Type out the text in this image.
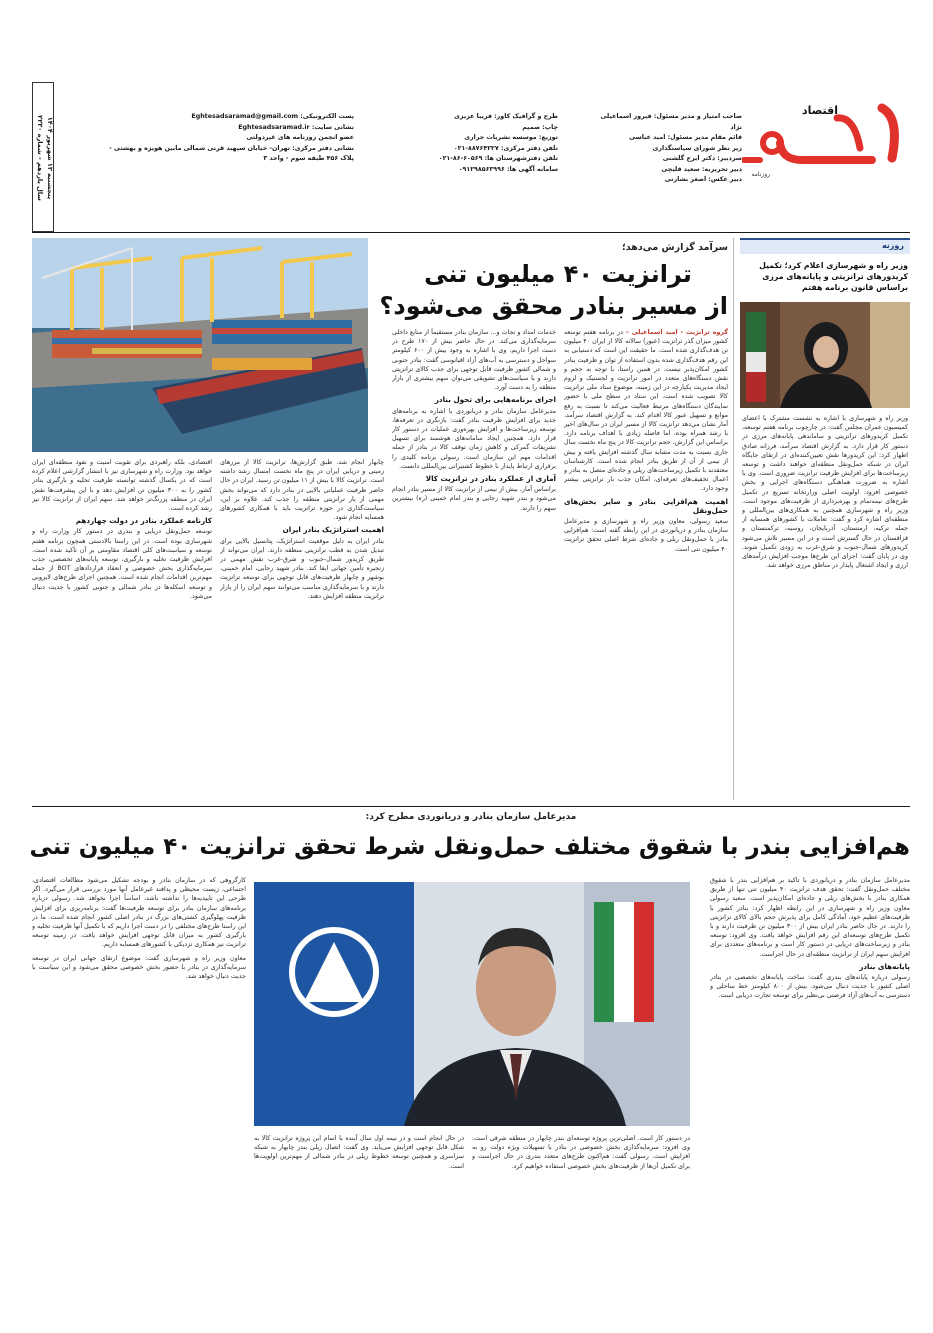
اقتصاد
روزنامه
صاحب امتیاز و مدیر مسئول: فیروز اسماعیلی نژاد
قائم مقام مدیر مسئول: امید عباسی
زیر نظر شورای سیاستگذاری
سردبیر: دکتر ایرج گلشنی
دبیر تحریریه: سعید قلیچی
دبیر عکس: اصغر بشارتی
طرح و گرافیک کاور: فریبا عزیزی
چاپ: صمیم
توزیع: موسسه نشریات جراری
تلفن دفتر مرکزی: ۸۸۷۶۴۲۲۷-۰۲۱
تلفن دفترشهرستان ها: ۶۰۵۶۹-۸۶-۰۲۱
سامانه آگهی ها: ۰۹۱۲۹۸۵۶۳۹۹۶
پست الکترونیکی: Eghtesadsaramad@gmail.com
نشانی سایت: Eghtesadsaramad.ir
عضو انجمن روزنامه های غیردولتی
نشانی دفتر مرکزی: تهران- خیابان سپهبد قرنی شمالی مابین هویزه و بهشتی -
پلاک ۴۵۶ طبقه سوم - واحد ۳
پنجشنبه ۱۳ شهریور ۱۴۰۴
سال یازدهم - شماره ۲۲۳۰
روزنه
وزیر راه و شهرسازی اعلام کرد؛ تکمیل کریدورهای ترانزیتی و پایانه‌های مرزی براساس قانون برنامه هفتم
وزیر راه و شهرسازی با اشاره به نشست مشترک با اعضای کمیسیون عمران مجلس گفت: در چارچوب برنامه هفتم توسعه، تکمیل کریدورهای ترانزیتی و ساماندهی پایانه‌های مرزی در دستور کار قرار دارد. به گزارش اقتصاد سرآمد، فرزانه صادق اظهار کرد: این کریدورها نقش تعیین‌کننده‌ای در ارتقای جایگاه ایران در شبکه حمل‌ونقل منطقه‌ای خواهند داشت و توسعه زیرساخت‌ها برای افزایش ظرفیت ترانزیت ضروری است. وی با اشاره به ضرورت هماهنگی دستگاه‌های اجرایی و بخش خصوصی افزود: اولویت اصلی وزارتخانه تسریع در تکمیل طرح‌های نیمه‌تمام و بهره‌برداری از ظرفیت‌های موجود است. وزیر راه و شهرسازی همچنین به همکاری‌های بین‌المللی و منطقه‌ای اشاره کرد و گفت: تعاملات با کشورهای همسایه از جمله ترکیه، ارمنستان، آذربایجان، روسیه، ترکمنستان و قزاقستان در حال گسترش است و در این مسیر تلاش می‌شود کریدورهای شمال-جنوب و شرق-غرب به زودی تکمیل شوند. وی در پایان گفت: اجرای این طرح‌ها موجب افزایش درآمدهای ارزی و ایجاد اشتغال پایدار در مناطق مرزی خواهد شد.
سرآمد گزارش می‌دهد؛
ترانزیت ۴۰ میلیون تنی
از مسیر بنادر محقق می‌شود؟
گروه ترانزیت - امید اسماعیلی – در برنامه هفتم توسعه کشور میزان گذر ترانزیت (عبور) سالانه کالا از ایران ۴۰ میلیون تن هدف‌گذاری شده است. ما حقیقت این است که دستیابی به این رقم هدف‌گذاری شده بدون استفاده از توان و ظرفیت بنادر کشور امکان‌پذیر نیست. در همین راستا، با توجه به حجم و نقش دستگاه‌های متعدد در امور ترانزیت و لجستیک و لزوم ایجاد مدیریت یکپارچه در این زمینه، موضوع ستاد ملی ترانزیت کالا تصویب شده است. این ستاد در سطح ملی با حضور نمایندگان دستگاه‌های مرتبط فعالیت می‌کند تا نسبت به رفع موانع و تسهیل عبور کالا اقدام کند. به گزارش اقتصاد سرآمد، آمار نشان می‌دهد ترانزیت کالا از مسیر ایران در سال‌های اخیر با رشد همراه بوده، اما فاصله زیادی با اهداف برنامه دارد. براساس این گزارش، حجم ترانزیت کالا در پنج ماه نخست سال جاری نسبت به مدت مشابه سال گذشته افزایش یافته و بیش از نیمی از آن از طریق بنادر انجام شده است. کارشناسان معتقدند با تکمیل زیرساخت‌های ریلی و جاده‌ای متصل به بنادر و اعمال تخفیف‌های تعرفه‌ای، امکان جذب بار ترانزیتی بیشتر وجود دارد.
اهمیت هم‌افزایی بنادر و سایر بخش‌های حمل‌ونقل
سعید رسولی، معاون وزیر راه و شهرسازی و مدیرعامل سازمان بنادر و دریانوردی در این رابطه گفته است: هم‌افزایی بنادر با حمل‌ونقل ریلی و جاده‌ای شرط اصلی تحقق ترانزیت ۴۰ میلیون تنی است.
خدمات امداد و نجات و... سازمان بنادر مستقیماً از منابع داخلی سرمایه‌گذاری می‌کند. در حال حاضر بیش از ۱۷۰ طرح در دست اجرا داریم. وی با اشاره به وجود بیش از ۶۰۰ کیلومتر سواحل و دسترسی به آب‌های آزاد اقیانوسی گفت: بنادر جنوبی و شمالی کشور ظرفیت قابل توجهی برای جذب کالای ترانزیتی دارند و با سیاست‌های تشویقی می‌توان سهم بیشتری از بازار منطقه را به دست آورد.
اجرای برنامه‌هایی برای تحول بنادر
مدیرعامل سازمان بنادر و دریانوردی با اشاره به برنامه‌های جدید برای افزایش ظرفیت بنادر گفت: بازنگری در تعرفه‌ها، توسعه زیرساخت‌ها و افزایش بهره‌وری عملیات در دستور کار قرار دارد. همچنین ایجاد سامانه‌های هوشمند برای تسهیل تشریفات گمرکی و کاهش زمان توقف کالا در بنادر از جمله اقدامات مهم این سازمان است. رسولی برنامه کلیدی را برقراری ارتباط پایدار با خطوط کشتیرانی بین‌المللی دانست.
آماری از عملکرد بنادر در ترانزیت کالا
براساس آمار، بیش از نیمی از ترانزیت کالا از مسیر بنادر انجام می‌شود و بندر شهید رجایی و بندر امام خمینی (ره) بیشترین سهم را دارند.
چابهار انجام شد. طبق گزارش‌ها، ترانزیت کالا از مرزهای زمینی و دریایی ایران در پنج ماه نخست امسال رشد داشته است. ترانزیت کالا با بیش از ۱۱ میلیون تن رسید. ایران در حال حاضر ظرفیت عملیاتی بالایی در بنادر دارد که می‌تواند بخش مهمی از بار ترانزیتی منطقه را جذب کند. علاوه بر این، سیاست‌گذاری در حوزه ترانزیت باید با همکاری کشورهای همسایه انجام شود.
اهمیت استراتژیک بنادر ایران
بنادر ایران به دلیل موقعیت استراتژیک، پتانسیل بالایی برای تبدیل شدن به قطب ترانزیتی منطقه دارند. ایران می‌تواند از طریق کریدور شمال-جنوب و شرق-غرب نقش مهمی در زنجیره تأمین جهانی ایفا کند. بنادر شهید رجایی، امام خمینی، بوشهر و چابهار ظرفیت‌های قابل توجهی برای توسعه ترانزیت دارند و با سرمایه‌گذاری مناسب می‌توانند سهم ایران را از بازار ترانزیت منطقه افزایش دهند.
اقتصادی، بلکه راهبردی برای تقویت امنیت و نفوذ منطقه‌ای ایران خواهد بود. وزارت راه و شهرسازی نیز با انتشار گزارشی اعلام کرده است که در یکسال گذشته توانسته ظرفیت تخلیه و بارگیری بنادر کشور را به ۳۰۰ میلیون تن افزایش دهد و با این پیشرفت‌ها نقش ایران در منطقه پررنگ‌تر خواهد شد. سهم ایران از ترانزیت کالا نیز رشد کرده است.
کارنامه عملکرد بنادر در دولت چهاردهم
توسعه حمل‌ونقل دریایی و بندری در دستور کار وزارت راه و شهرسازی بوده است. در این راستا بالادستی همچون برنامه هفتم توسعه و سیاست‌های کلی اقتصاد مقاومتی بر آن تأکید شده است. افزایش ظرفیت تخلیه و بارگیری، توسعه پایانه‌های تخصصی، جذب سرمایه‌گذاری بخش خصوصی و انعقاد قراردادهای BOT از جمله مهم‌ترین اقدامات انجام شده است. همچنین اجرای طرح‌های لایروبی و توسعه اسکله‌ها در بنادر شمالی و جنوبی کشور با جدیت دنبال می‌شود.
مدیرعامل سازمان بنادر و دریانوردی مطرح کرد:
هم‌افزایی بندر با شقوق مختلف حمل‌ونقل شرط تحقق ترانزیت ۴۰ میلیون تنی
مدیرعامل سازمان بنادر و دریانوردی با تاکید بر هم‌افزایی بندر با شقوق مختلف حمل‌ونقل گفت: تحقق هدف ترانزیت ۴۰ میلیون تنی تنها از طریق همکاری بنادر با بخش‌های ریلی و جاده‌ای امکان‌پذیر است. سعید رسولی معاون وزیر راه و شهرسازی در این رابطه اظهار کرد: بنادر کشور با ظرفیت‌های عظیم خود، آمادگی کامل برای پذیرش حجم بالای کالای ترانزیتی را دارند. در حال حاضر بنادر ایران بیش از ۳۰۰ میلیون تن ظرفیت دارند و با تکمیل طرح‌های توسعه‌ای این رقم افزایش خواهد یافت. وی افزود: توسعه بنادر و زیرساخت‌های دریایی در دستور کار است و برنامه‌های متعددی برای افزایش سهم ایران از ترانزیت منطقه‌ای در حال اجراست.
پایانه‌های بنادر
رسولی درباره پایانه‌های بندری گفت: ساخت پایانه‌های تخصصی در بنادر اصلی کشور با جدیت دنبال می‌شود. بیش از ۸۰۰ کیلومتر خط ساحلی و دسترسی به آب‌های آزاد فرصتی بی‌نظیر برای توسعه تجارت دریایی است.
در دستور کار است. اصلی‌ترین پروژه توسعه‌ای بندر چابهار در منطقه شرقی است. وی افزود: سرمایه‌گذاری بخش خصوصی در بنادر با تسهیلات ویژه دولت رو به افزایش است. رسولی گفت: هم‌اکنون طرح‌های متعدد بندری در حال اجراست و برای تکمیل آن‌ها از ظرفیت‌های بخش خصوصی استفاده خواهیم کرد.
در حال انجام است و در نیمه اول سال آینده با اتمام این پروژه ترانزیت کالا به شکل قابل توجهی افزایش می‌یابد. وی گفت: اتصال ریلی بندر چابهار به شبکه سراسری و همچنین توسعه خطوط ریلی در بنادر شمالی از مهم‌ترین اولویت‌ها است.
کارگروهی که در سازمان بنادر و بودجه تشکیل می‌شود مطالعات اقتصادی، اجتماعی، زیست محیطی و پدافند غیرعامل آنها مورد بررسی قرار می‌گیرد. اگر طرحی این تاییدیه‌ها را نداشته باشد، اساساً اجرا نخواهد شد. رسولی درباره برنامه‌های سازمان بنادر برای توسعه ظرفیت‌ها گفت: برنامه‌ریزی برای افزایش ظرفیت پهلوگیری کشتی‌های بزرگ در بنادر اصلی کشور انجام شده است. ما در این راستا طرح‌های مختلفی را در دست اجرا داریم که با تکمیل آنها ظرفیت تخلیه و بارگیری کشور به میزان قابل توجهی افزایش خواهد یافت. در زمینه توسعه ترانزیت نیز همکاری نزدیکی با کشورهای همسایه داریم.
معاون وزیر راه و شهرسازی گفت: موضوع ارتقای جهانی ایران در توسعه سرمایه‌گذاری در بنادر با حضور بخش خصوصی محقق می‌شود و این سیاست با جدیت دنبال خواهد شد.
